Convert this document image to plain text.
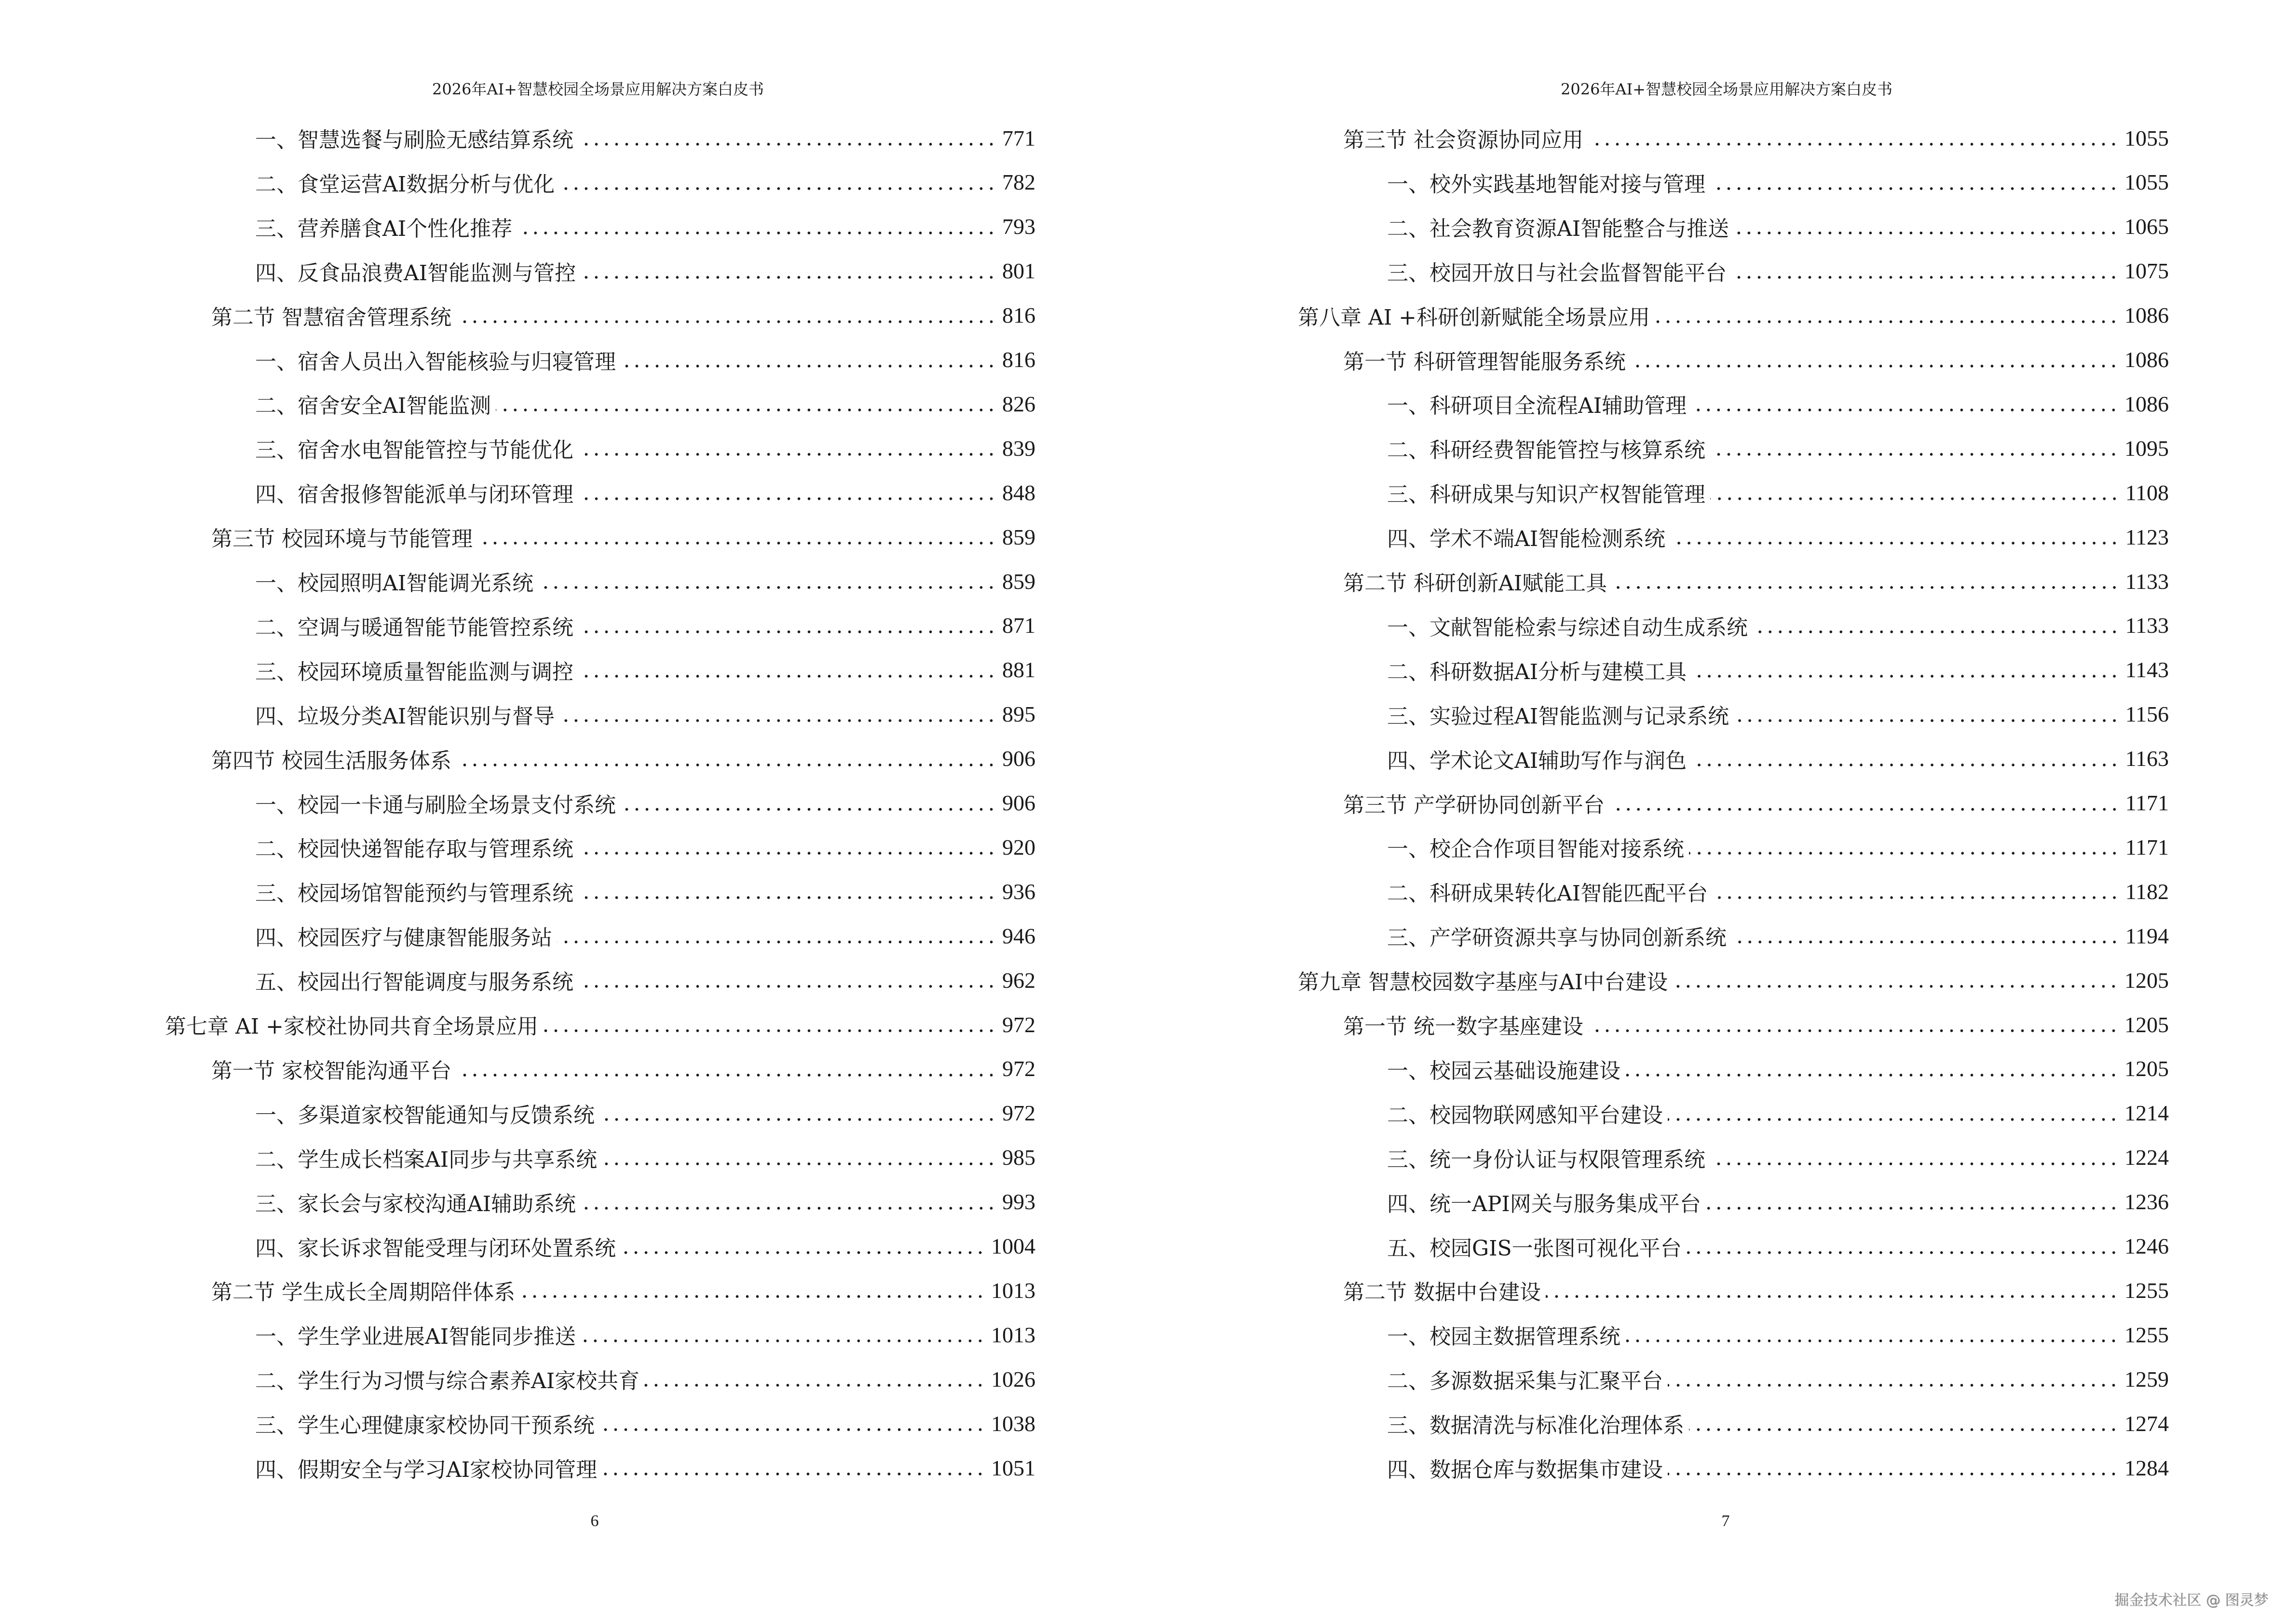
2026年AI+智慧校园全场景应用解决方案白皮书
一、智慧选餐与刷脸无感结算系统	771
二、食堂运营AI数据分析与优化	782
三、营养膳食AI个性化推荐	793
四、反食品浪费AI智能监测与管控	801
第二节 智慧宿舍管理系统	816
一、宿舍人员出入智能核验与归寝管理	816
二、宿舍安全AI智能监测	826
三、宿舍水电智能管控与节能优化	839
四、宿舍报修智能派单与闭环管理	848
第三节 校园环境与节能管理	859
一、校园照明AI智能调光系统	859
二、空调与暖通智能节能管控系统	871
三、校园环境质量智能监测与调控	881
四、垃圾分类AI智能识别与督导	895
第四节 校园生活服务体系	906
一、校园一卡通与刷脸全场景支付系统	906
二、校园快递智能存取与管理系统	920
三、校园场馆智能预约与管理系统	936
四、校园医疗与健康智能服务站	946
五、校园出行智能调度与服务系统	962
第七章 AI +家校社协同共育全场景应用	972
第一节 家校智能沟通平台	972
一、多渠道家校智能通知与反馈系统	972
二、学生成长档案AI同步与共享系统	985
三、家长会与家校沟通AI辅助系统	993
四、家长诉求智能受理与闭环处置系统	1004
第二节 学生成长全周期陪伴体系	1013
一、学生学业进展AI智能同步推送	1013
二、学生行为习惯与综合素养AI家校共育	1026
三、学生心理健康家校协同干预系统	1038
四、假期安全与学习AI家校协同管理	1051
6
2026年AI+智慧校园全场景应用解决方案白皮书
第三节 社会资源协同应用	1055
一、校外实践基地智能对接与管理	1055
二、社会教育资源AI智能整合与推送	1065
三、校园开放日与社会监督智能平台	1075
第八章 AI +科研创新赋能全场景应用	1086
第一节 科研管理智能服务系统	1086
一、科研项目全流程AI辅助管理	1086
二、科研经费智能管控与核算系统	1095
三、科研成果与知识产权智能管理	1108
四、学术不端AI智能检测系统	1123
第二节 科研创新AI赋能工具	1133
一、文献智能检索与综述自动生成系统	1133
二、科研数据AI分析与建模工具	1143
三、实验过程AI智能监测与记录系统	1156
四、学术论文AI辅助写作与润色	1163
第三节 产学研协同创新平台	1171
一、校企合作项目智能对接系统	1171
二、科研成果转化AI智能匹配平台	1182
三、产学研资源共享与协同创新系统	1194
第九章 智慧校园数字基座与AI中台建设	1205
第一节 统一数字基座建设	1205
一、校园云基础设施建设	1205
二、校园物联网感知平台建设	1214
三、统一身份认证与权限管理系统	1224
四、统一API网关与服务集成平台	1236
五、校园GIS一张图可视化平台	1246
第二节 数据中台建设	1255
一、校园主数据管理系统	1255
二、多源数据采集与汇聚平台	1259
三、数据清洗与标准化治理体系	1274
四、数据仓库与数据集市建设	1284
7
掘金技术社区 @ 图灵梦
